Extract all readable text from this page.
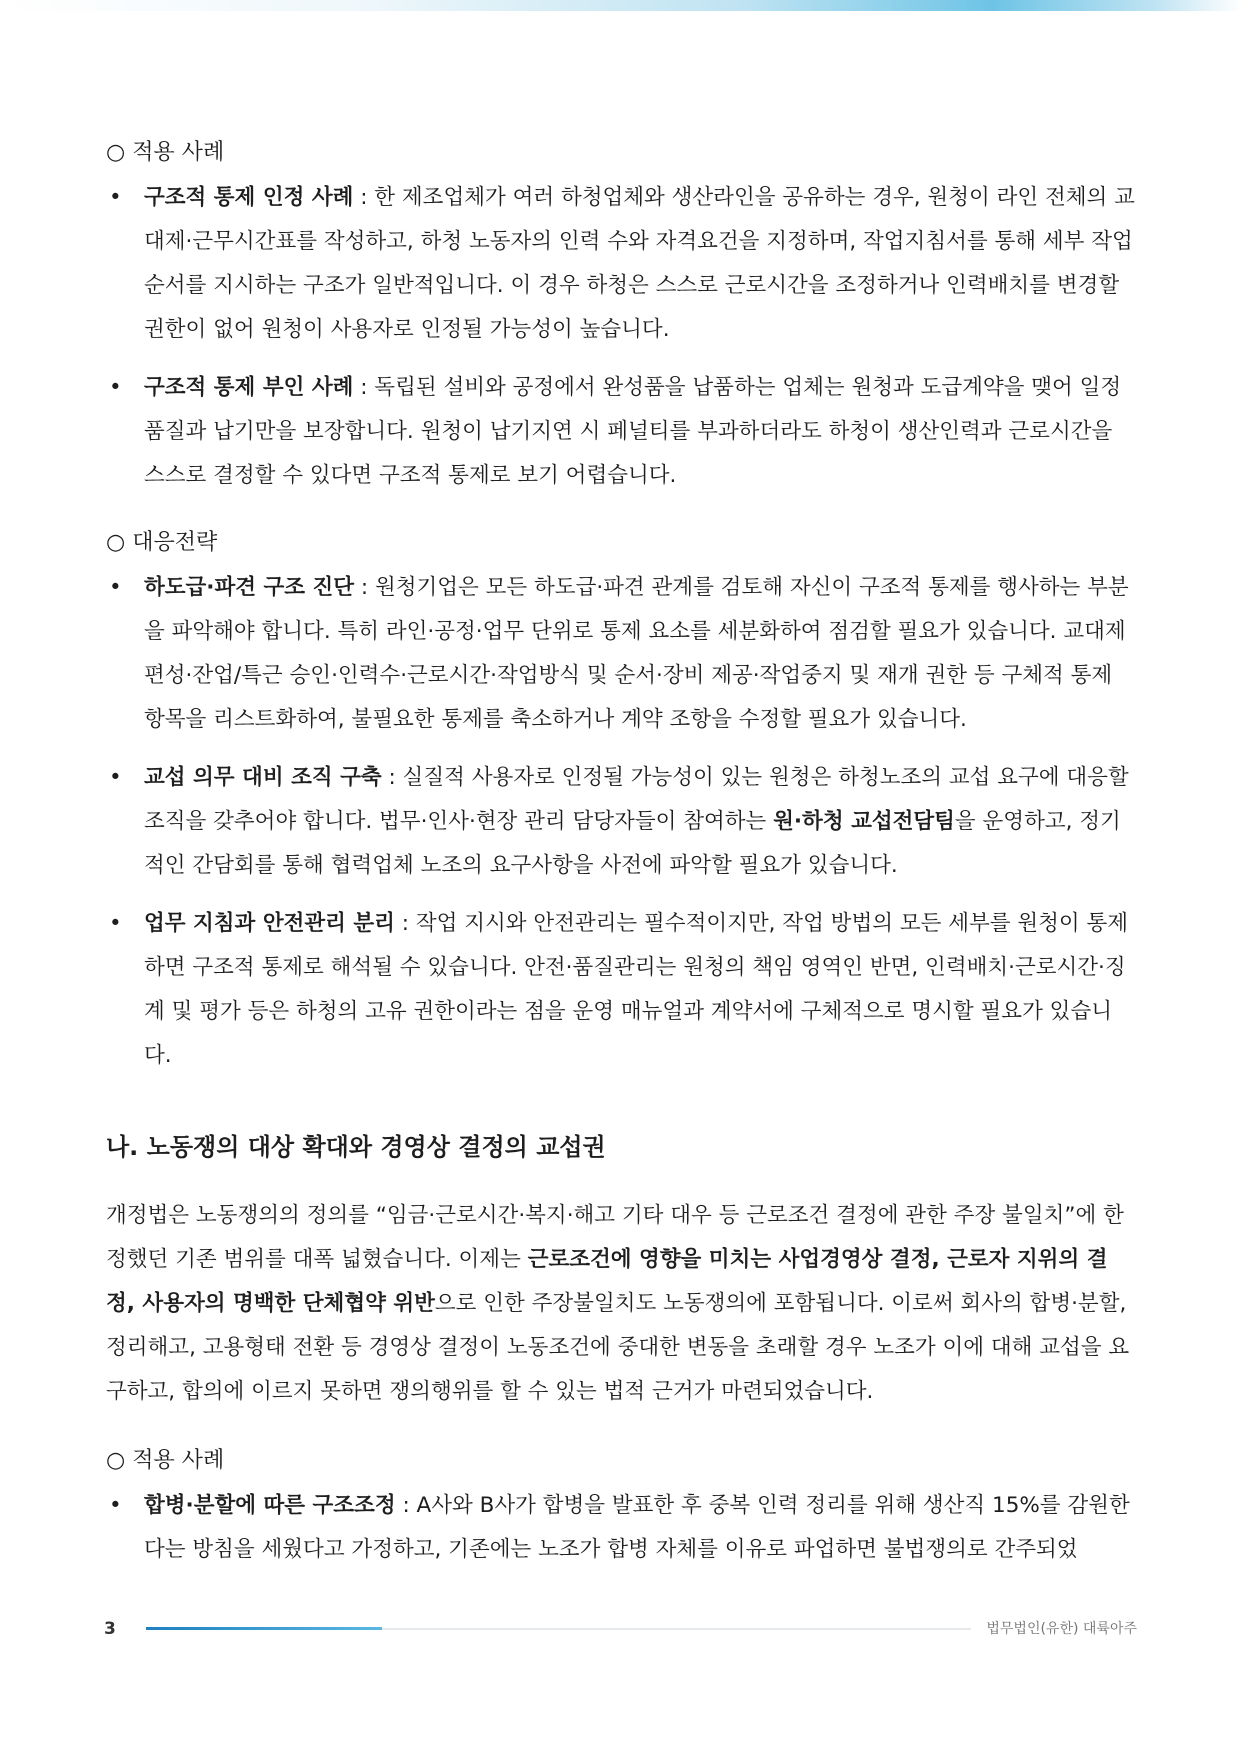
○ 적용 사례

• 구조적 통제 인정 사례 : 한 제조업체가 여러 하청업체와 생산라인을 공유하는 경우, 원청이 라인 전체의 교대제·근무시간표를 작성하고, 하청 노동자의 인력 수와 자격요건을 지정하며, 작업지침서를 통해 세부 작업순서를 지시하는 구조가 일반적입니다. 이 경우 하청은 스스로 근로시간을 조정하거나 인력배치를 변경할 권한이 없어 원청이 사용자로 인정될 가능성이 높습니다.
• 구조적 통제 부인 사례 : 독립된 설비와 공정에서 완성품을 납품하는 업체는 원청과 도급계약을 맺어 일정 품질과 납기만을 보장합니다. 원청이 납기지연 시 페널티를 부과하더라도 하청이 생산인력과 근로시간을 스스로 결정할 수 있다면 구조적 통제로 보기 어렵습니다.

○ 대응전략

• 하도급·파견 구조 진단 : 원청기업은 모든 하도급·파견 관계를 검토해 자신이 구조적 통제를 행사하는 부분을 파악해야 합니다. 특히 라인·공정·업무 단위로 통제 요소를 세분화하여 점검할 필요가 있습니다. 교대제 편성·잔업/특근 승인·인력수·근로시간·작업방식 및 순서·장비 제공·작업중지 및 재개 권한 등 구체적 통제 항목을 리스트화하여, 불필요한 통제를 축소하거나 계약 조항을 수정할 필요가 있습니다.
• 교섭 의무 대비 조직 구축 : 실질적 사용자로 인정될 가능성이 있는 원청은 하청노조의 교섭 요구에 대응할 조직을 갖추어야 합니다. 법무·인사·현장 관리 담당자들이 참여하는 원·하청 교섭전담팀을 운영하고, 정기적인 간담회를 통해 협력업체 노조의 요구사항을 사전에 파악할 필요가 있습니다.
• 업무 지침과 안전관리 분리 : 작업 지시와 안전관리는 필수적이지만, 작업 방법의 모든 세부를 원청이 통제하면 구조적 통제로 해석될 수 있습니다. 안전·품질관리는 원청의 책임 영역인 반면, 인력배치·근로시간·징계 및 평가 등은 하청의 고유 권한이라는 점을 운영 매뉴얼과 계약서에 구체적으로 명시할 필요가 있습니다.
나. 노동쟁의 대상 확대와 경영상 결정의 교섭권

개정법은 노동쟁의의 정의를 “임금·근로시간·복지·해고 기타 대우 등 근로조건 결정에 관한 주장 불일치”에 한정했던 기존 범위를 대폭 넓혔습니다. 이제는 근로조건에 영향을 미치는 사업경영상 결정, 근로자 지위의 결정, 사용자의 명백한 단체협약 위반으로 인한 주장불일치도 노동쟁의에 포함됩니다. 이로써 회사의 합병·분할, 정리해고, 고용형태 전환 등 경영상 결정이 노동조건에 중대한 변동을 초래할 경우 노조가 이에 대해 교섭을 요구하고, 합의에 이르지 못하면 쟁의행위를 할 수 있는 법적 근거가 마련되었습니다.

○ 적용 사례

• 합병·분할에 따른 구조조정 : A사와 B사가 합병을 발표한 후 중복 인력 정리를 위해 생산직 15%를 감원한다는 방침을 세웠다고 가정하고, 기존에는 노조가 합병 자체를 이유로 파업하면 불법쟁의로 간주되었
3	법무법인(유한) 대륙아주
